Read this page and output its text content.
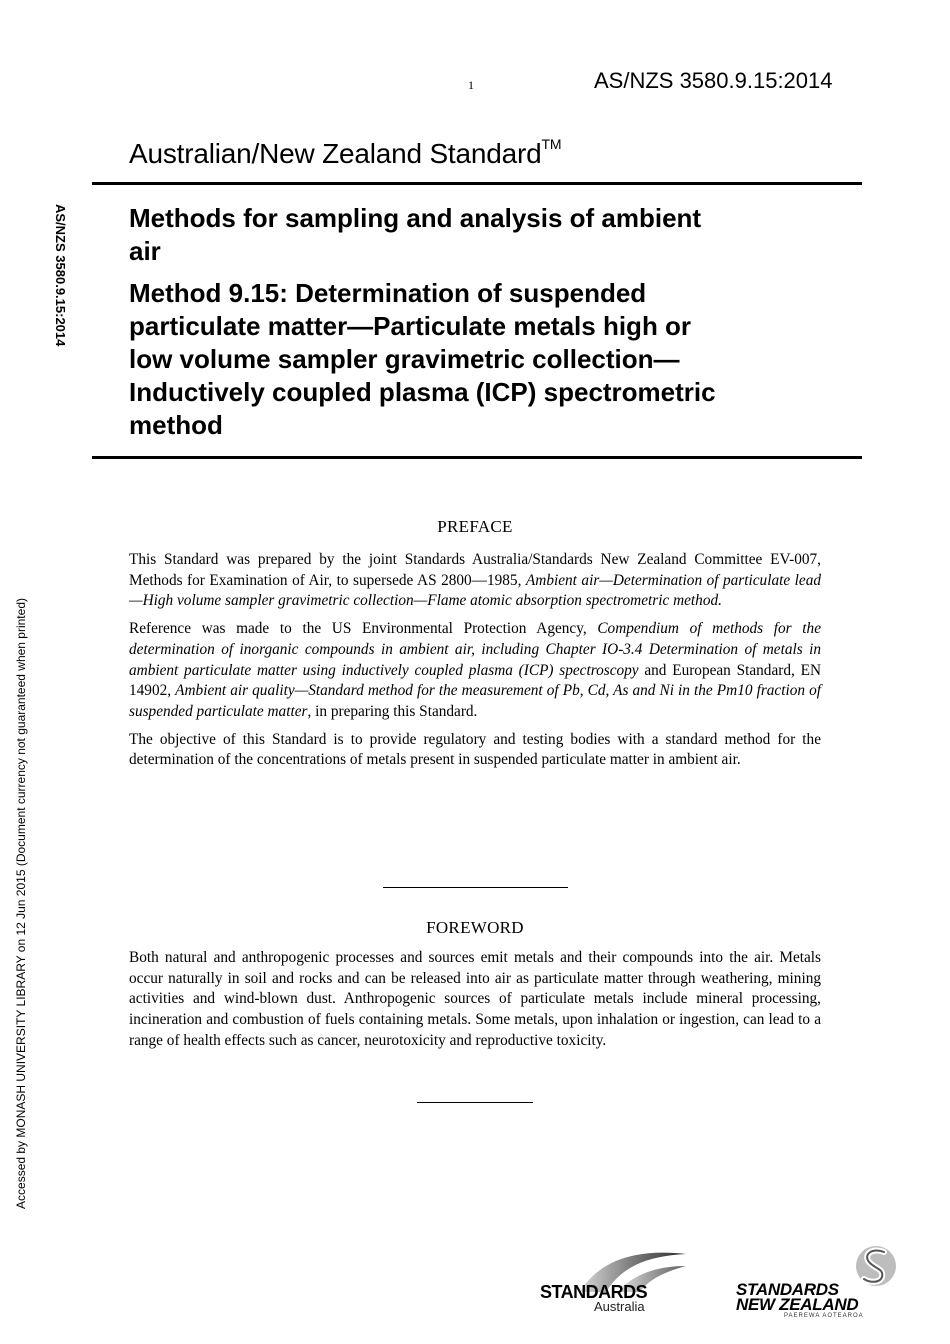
1	AS/NZS 3580.9.15:2014
Australian/New Zealand Standard™
AS/NZS 3580.9.15:2014
Accessed by MONASH UNIVERSITY LIBRARY on 12 Jun 2015 (Document currency not guaranteed when printed)
Methods for sampling and analysis of ambient
air
Method 9.15: Determination of suspended
particulate matter—Particulate metals high or
low volume sampler gravimetric collection—
Inductively coupled plasma (ICP) spectrometric
method
PREFACE

This Standard was prepared by the joint Standards Australia/Standards New Zealand Committee EV-007, Methods for Examination of Air, to supersede AS 2800—1985, Ambient air—Determination of particulate lead—High volume sampler gravimetric collection—Flame atomic absorption spectrometric method.

Reference was made to the US Environmental Protection Agency, Compendium of methods for the determination of inorganic compounds in ambient air, including Chapter IO-3.4 Determination of metals in ambient particulate matter using inductively coupled plasma (ICP) spectroscopy and European Standard, EN 14902, Ambient air quality—Standard method for the measurement of Pb, Cd, As and Ni in the Pm10 fraction of suspended particulate matter, in preparing this Standard.

The objective of this Standard is to provide regulatory and testing bodies with a standard method for the determination of the concentrations of metals present in suspended particulate matter in ambient air.

FOREWORD

Both natural and anthropogenic processes and sources emit metals and their compounds into the air. Metals occur naturally in soil and rocks and can be released into air as particulate matter through weathering, mining activities and wind-blown dust. Anthropogenic sources of particulate metals include mineral processing, incineration and combustion of fuels containing metals. Some metals, upon inhalation or ingestion, can lead to a range of health effects such as cancer, neurotoxicity and reproductive toxicity.

STANDARDS
Australia
STANDARDS
NEW ZEALAND
PAEREWA AOTEAROA
